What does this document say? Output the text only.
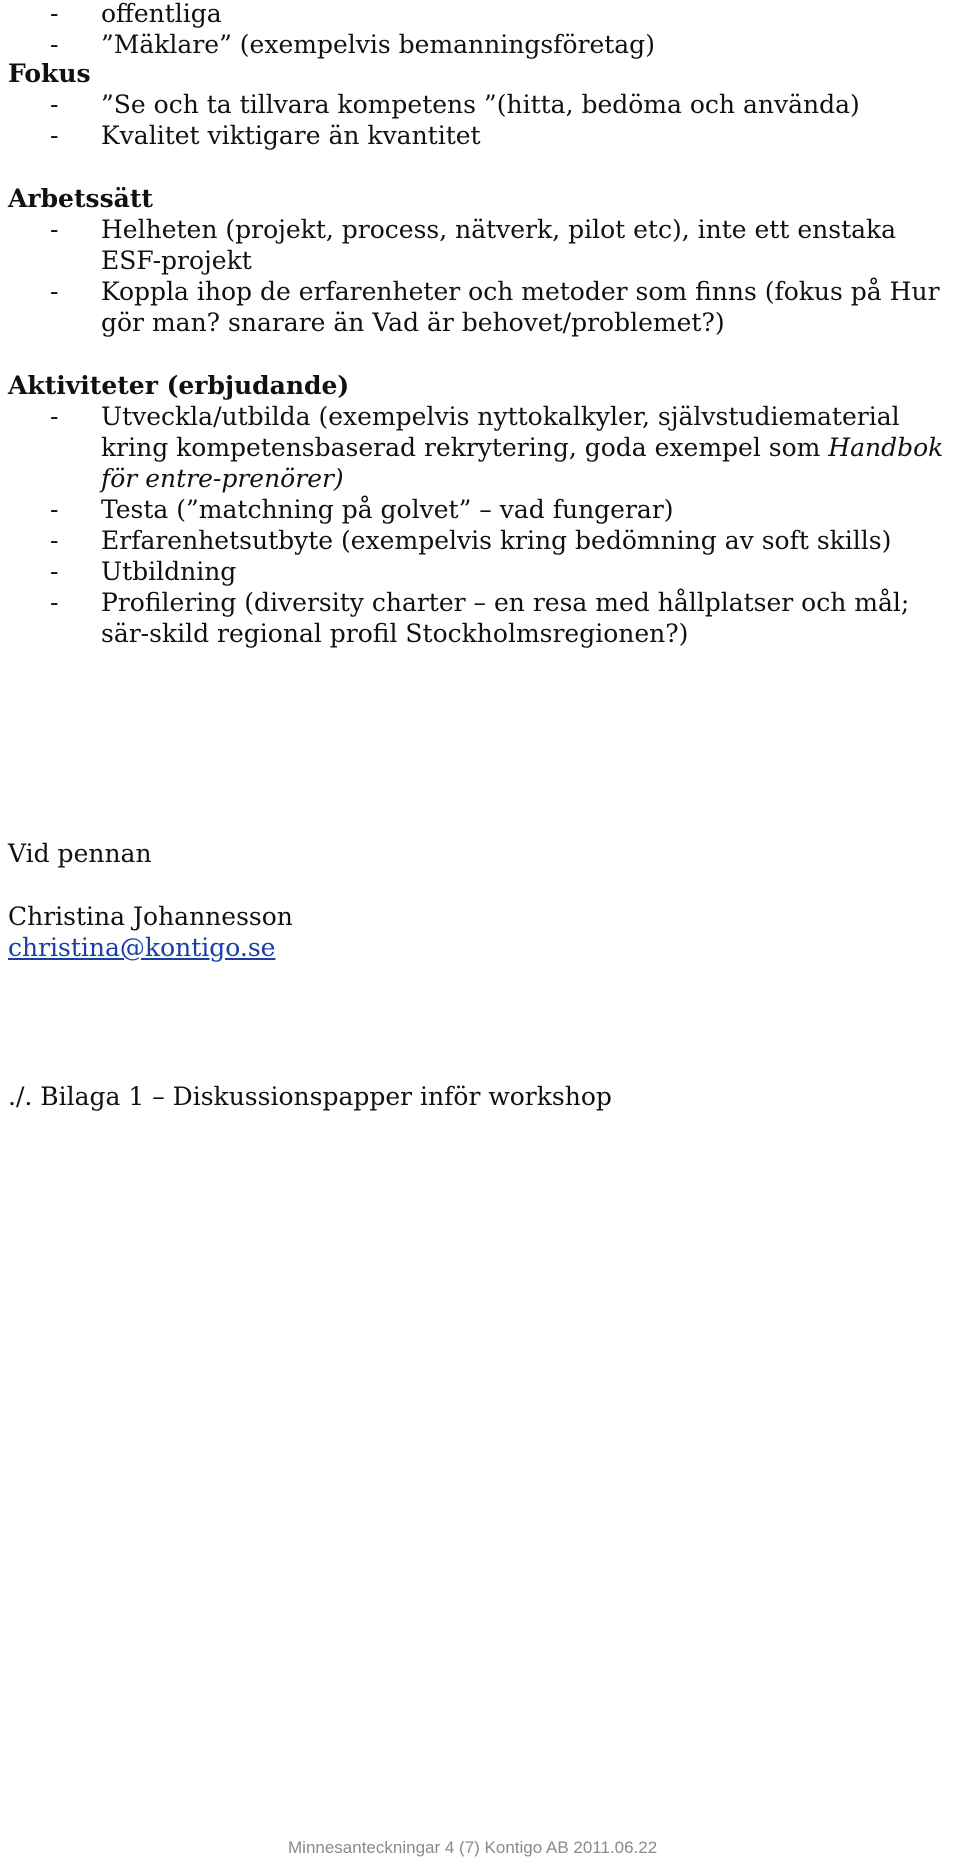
- offentliga
- ”Mäklare” (exempelvis bemanningsföretag)
Fokus
- ”Se och ta tillvara kompetens ”(hitta, bedöma och använda)
- Kvalitet viktigare än kvantitet
Arbetssätt
- Helheten (projekt, process, nätverk, pilot etc), inte ett enstaka ESF-projekt
- Koppla ihop de erfarenheter och metoder som finns (fokus på Hur gör man? snarare än Vad är behovet/problemet?)
Aktiviteter (erbjudande)
- Utveckla/utbilda (exempelvis nyttokalkyler, självstudiematerial kring kompetensbaserad rekrytering, goda exempel som Handbok för entre-prenörer)
- Testa (”matchning på golvet” – vad fungerar)
- Erfarenhetsutbyte (exempelvis kring bedömning av soft skills)
- Utbildning
- Profilering (diversity charter – en resa med hållplatser och mål; sär-skild regional profil Stockholmsregionen?)
Vid pennan
Christina Johannesson
christina@kontigo.se
./. Bilaga 1 – Diskussionspapper inför workshop
Minnesanteckningar 4 (7) Kontigo AB 2011.06.22
